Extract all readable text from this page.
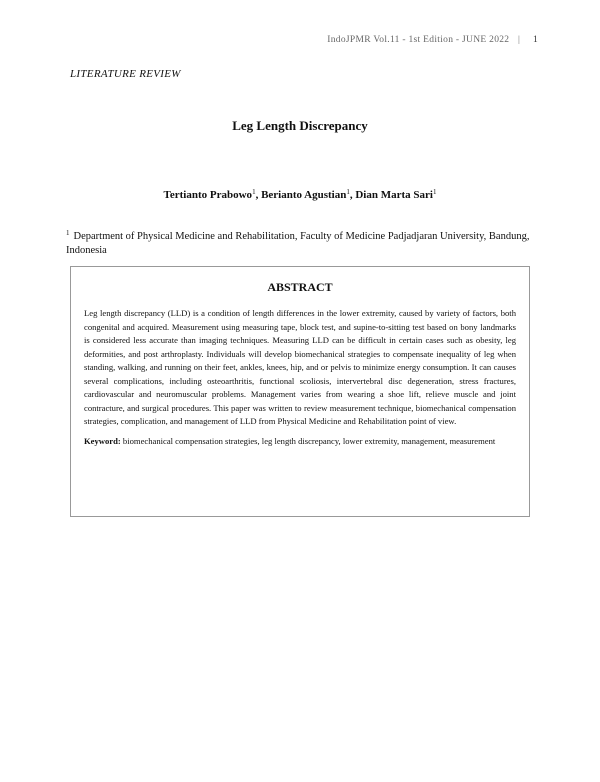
IndoJPMR Vol.11 - 1st Edition - JUNE 2022 | 1
LITERATURE REVIEW
Leg Length Discrepancy
Tertianto Prabowo$^1$, Berianto Agustian$^1$, Dian Marta Sari$^1$
$^1$ Department of Physical Medicine and Rehabilitation, Faculty of Medicine Padjadjaran University, Bandung, Indonesia
ABSTRACT

Leg length discrepancy (LLD) is a condition of length differences in the lower extremity, caused by variety of factors, both congenital and acquired. Measurement using measuring tape, block test, and supine-to-sitting test based on bony landmarks is considered less accurate than imaging techniques. Measuring LLD can be difficult in certain cases such as obesity, leg deformities, and post arthroplasty. Individuals will develop biomechanical strategies to compensate inequality of leg when standing, walking, and running on their feet, ankles, knees, hip, and or pelvis to minimize energy consumption. It can causes several complications, including osteoarthritis, functional scoliosis, intervertebral disc degeneration, stress fractures, cardiovascular and neuromuscular problems. Management varies from wearing a shoe lift, relieve muscle and joint contracture, and surgical procedures. This paper was written to review measurement technique, biomechanical compensation strategies, complication, and management of LLD from Physical Medicine and Rehabilitation point of view.

Keyword: biomechanical compensation strategies, leg length discrepancy, lower extremity, management, measurement
